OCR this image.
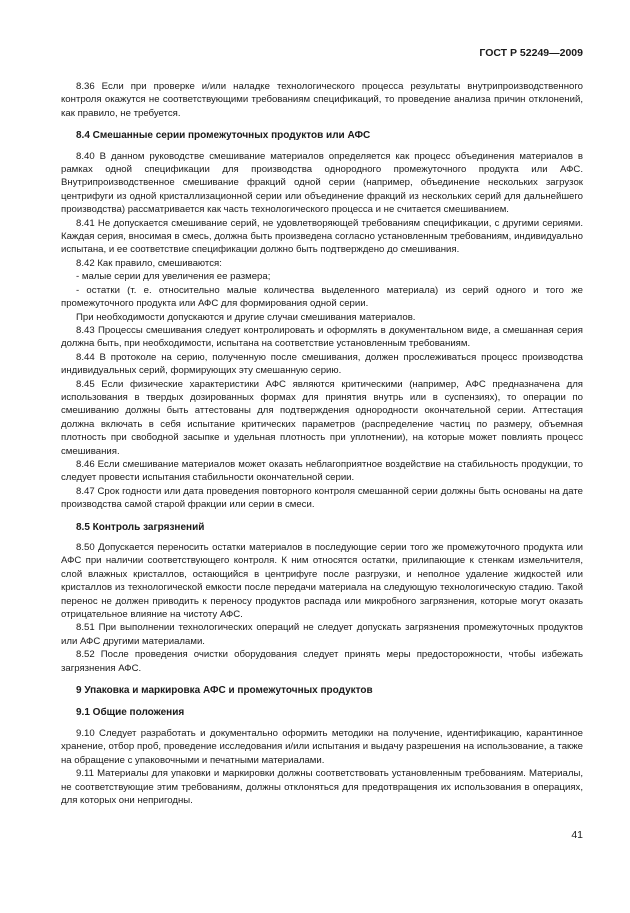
ГОСТ Р 52249—2009

8.36 Если при проверке и/или наладке технологического процесса результаты внутрипроизводственного контроля окажутся не соответствующими требованиям спецификаций, то проведение анализа причин отклонений, как правило, не требуется.

8.4 Смешанные серии промежуточных продуктов или АФС

8.40 В данном руководстве смешивание материалов определяется как процесс объединения материалов в рамках одной спецификации для производства однородного промежуточного продукта или АФС. Внутрипроизводственное смешивание фракций одной серии (например, объединение нескольких загрузок центрифуги из одной кристаллизационной серии или объединение фракций из нескольких серий для дальнейшего производства) рассматривается как часть технологического процесса и не считается смешиванием.

8.41 Не допускается смешивание серий, не удовлетворяющей требованиям спецификации, с другими сериями. Каждая серия, вносимая в смесь, должна быть произведена согласно установленным требованиям, индивидуально испытана, и ее соответствие спецификации должно быть подтверждено до смешивания.

8.42 Как правило, смешиваются:

- малые серии для увеличения ее размера;

- остатки (т. е. относительно малые количества выделенного материала) из серий одного и того же промежуточного продукта или АФС для формирования одной серии.

При необходимости допускаются и другие случаи смешивания материалов.

8.43 Процессы смешивания следует контролировать и оформлять в документальном виде, а смешанная серия должна быть, при необходимости, испытана на соответствие установленным требованиям.

8.44 В протоколе на серию, полученную после смешивания, должен прослеживаться процесс производства индивидуальных серий, формирующих эту смешанную серию.

8.45 Если физические характеристики АФС являются критическими (например, АФС предназначена для использования в твердых дозированных формах для принятия внутрь или в суспензиях), то операции по смешиванию должны быть аттестованы для подтверждения однородности окончательной серии. Аттестация должна включать в себя испытание критических параметров (распределение частиц по размеру, объемная плотность при свободной засыпке и удельная плотность при уплотнении), на которые может повлиять процесс смешивания.

8.46 Если смешивание материалов может оказать неблагоприятное воздействие на стабильность продукции, то следует провести испытания стабильности окончательной серии.

8.47 Срок годности или дата проведения повторного контроля смешанной серии должны быть основаны на дате производства самой старой фракции или серии в смеси.

8.5 Контроль загрязнений

8.50 Допускается переносить остатки материалов в последующие серии того же промежуточного продукта или АФС при наличии соответствующего контроля. К ним относятся остатки, прилипающие к стенкам измельчителя, слой влажных кристаллов, остающийся в центрифуге после разгрузки, и неполное удаление жидкостей или кристаллов из технологической емкости после передачи материала на следующую технологическую стадию. Такой перенос не должен приводить к переносу продуктов распада или микробного загрязнения, которые могут оказать отрицательное влияние на чистоту АФС.

8.51 При выполнении технологических операций не следует допускать загрязнения промежуточных продуктов или АФС другими материалами.

8.52 После проведения очистки оборудования следует принять меры предосторожности, чтобы избежать загрязнения АФС.

9 Упаковка и маркировка АФС и промежуточных продуктов

9.1 Общие положения

9.10 Следует разработать и документально оформить методики на получение, идентификацию, карантинное хранение, отбор проб, проведение исследования и/или испытания и выдачу разрешения на использование, а также на обращение с упаковочными и печатными материалами.

9.11 Материалы для упаковки и маркировки должны соответствовать установленным требованиям. Материалы, не соответствующие этим требованиям, должны отклоняться для предотвращения их использования в операциях, для которых они непригодны.

41
